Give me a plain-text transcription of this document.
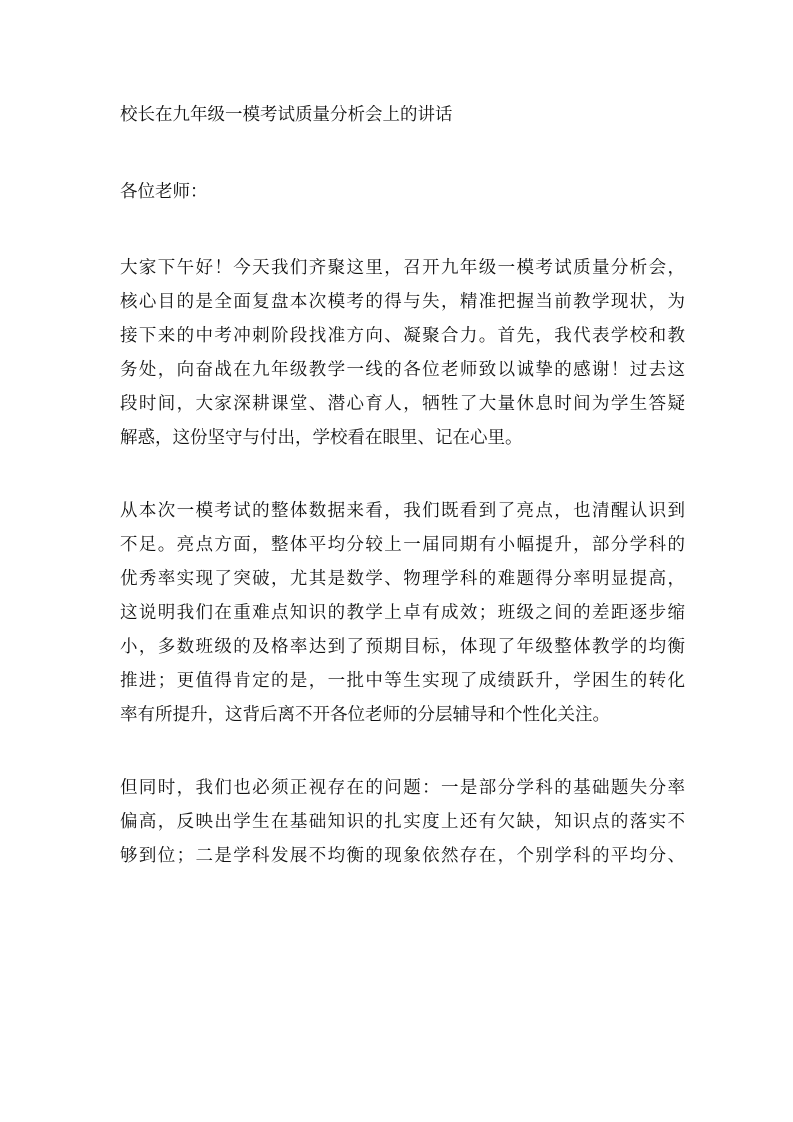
校长在九年级一模考试质量分析会上的讲话
各位老师：
大家下午好！今天我们齐聚这里，召开九年级一模考试质量分析会，
核心目的是全面复盘本次模考的得与失，精准把握当前教学现状，为
接下来的中考冲刺阶段找准方向、凝聚合力。首先，我代表学校和教
务处，向奋战在九年级教学一线的各位老师致以诚挚的感谢！过去这
段时间，大家深耕课堂、潜心育人，牺牲了大量休息时间为学生答疑
解惑，这份坚守与付出，学校看在眼里、记在心里。
从本次一模考试的整体数据来看，我们既看到了亮点，也清醒认识到
不足。亮点方面，整体平均分较上一届同期有小幅提升，部分学科的
优秀率实现了突破，尤其是数学、物理学科的难题得分率明显提高，
这说明我们在重难点知识的教学上卓有成效；班级之间的差距逐步缩
小，多数班级的及格率达到了预期目标，体现了年级整体教学的均衡
推进；更值得肯定的是，一批中等生实现了成绩跃升，学困生的转化
率有所提升，这背后离不开各位老师的分层辅导和个性化关注。
但同时，我们也必须正视存在的问题：一是部分学科的基础题失分率
偏高，反映出学生在基础知识的扎实度上还有欠缺，知识点的落实不
够到位；二是学科发展不均衡的现象依然存在，个别学科的平均分、
